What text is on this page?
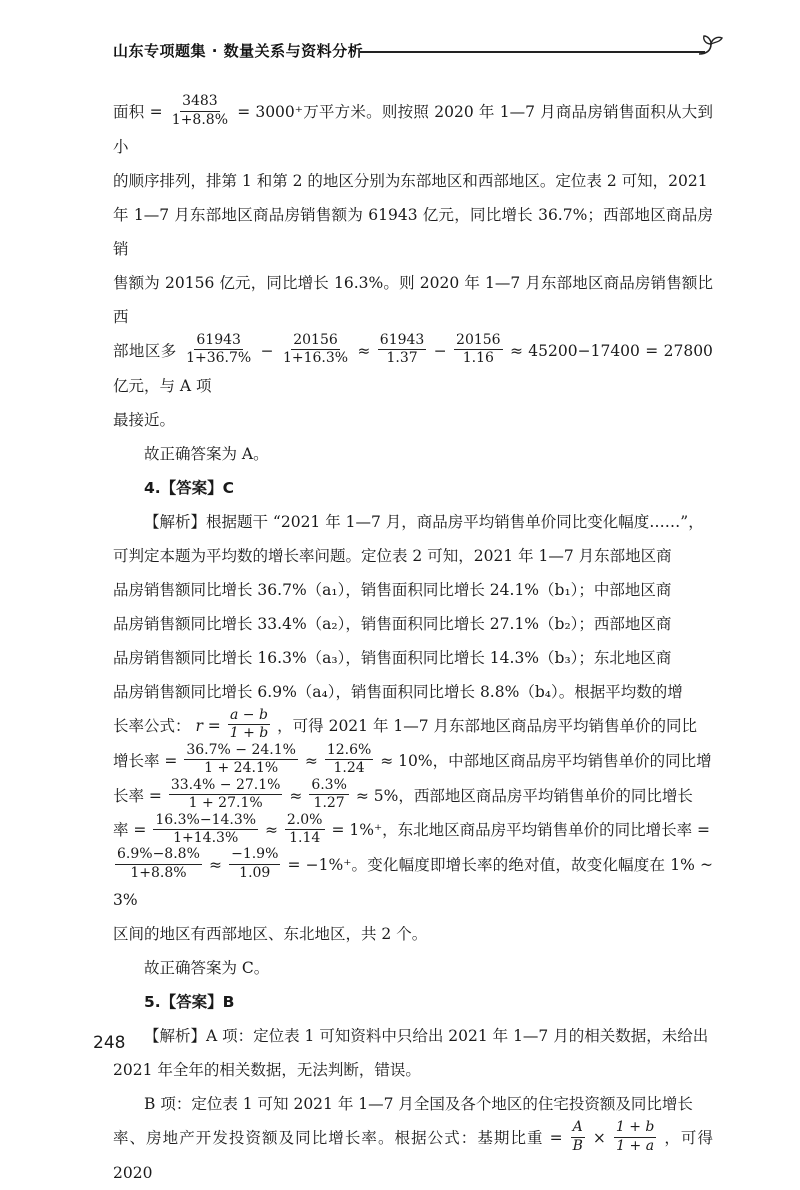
山东专项题集 · 数量关系与资料分析

面积 = $\frac{3483}{1+8.8\%} = 3000^+$万平方米。则按照 2020 年 1—7 月商品房销售面积从大到小

的顺序排列，排第 1 和第 2 的地区分别为东部地区和西部地区。定位表 2 可知，2021

年 1—7 月东部地区商品房销售额为 61943 亿元，同比增长 36.7%；西部地区商品房销

售额为 20156 亿元，同比增长 16.3%。则 2020 年 1—7 月东部地区商品房销售额比西

部地区多 $\frac{61943}{1+36.7\%} - \frac{20156}{1+16.3\%} \approx \frac{61943}{1.37} - \frac{20156}{1.16} \approx 45200-17400 = 27800$ 亿元，与 A 项

最接近。

故正确答案为 A。

4.【答案】C

【解析】根据题干 “2021 年 1—7 月，商品房平均销售单价同比变化幅度……”，

可判定本题为平均数的增长率问题。定位表 2 可知，2021 年 1—7 月东部地区商

品房销售额同比增长 36.7%（a₁），销售面积同比增长 24.1%（b₁）；中部地区商

品房销售额同比增长 33.4%（a₂），销售面积同比增长 27.1%（b₂）；西部地区商

品房销售额同比增长 16.3%（a₃），销售面积同比增长 14.3%（b₃）；东北地区商

品房销售额同比增长 6.9%（a₄），销售面积同比增长 8.8%（b₄）。根据平均数的增

长率公式： $r = \frac{a - b}{1 + b}$ ，可得 2021 年 1—7 月东部地区商品房平均销售单价的同比

增长率 = $\frac{36.7\% - 24.1\%}{1 + 24.1\%} \approx \frac{12.6\%}{1.24} \approx 10\%$，中部地区商品房平均销售单价的同比增

长率 = $\frac{33.4\% - 27.1\%}{1 + 27.1\%} \approx \frac{6.3\%}{1.27} \approx 5\%$，西部地区商品房平均销售单价的同比增长

率 = $\frac{16.3\%-14.3\%}{1+14.3\%} \approx \frac{2.0\%}{1.14} = 1\%^+$，东北地区商品房平均销售单价的同比增长率 =

$\frac{6.9\%-8.8\%}{1+8.8\%} \approx \frac{-1.9\%}{1.09} = -1\%^+$。变化幅度即增长率的绝对值，故变化幅度在 1% ~ 3%

区间的地区有西部地区、东北地区，共 2 个。

故正确答案为 C。

5.【答案】B

【解析】A 项：定位表 1 可知资料中只给出 2021 年 1—7 月的相关数据，未给出

2021 年全年的相关数据，无法判断，错误。

B 项：定位表 1 可知 2021 年 1—7 月全国及各个地区的住宅投资额及同比增长

率、房地产开发投资额及同比增长率。根据公式：基期比重 = $\frac{A}{B} \times \frac{1 + b}{1 + a}$ ，可得 2020

248
